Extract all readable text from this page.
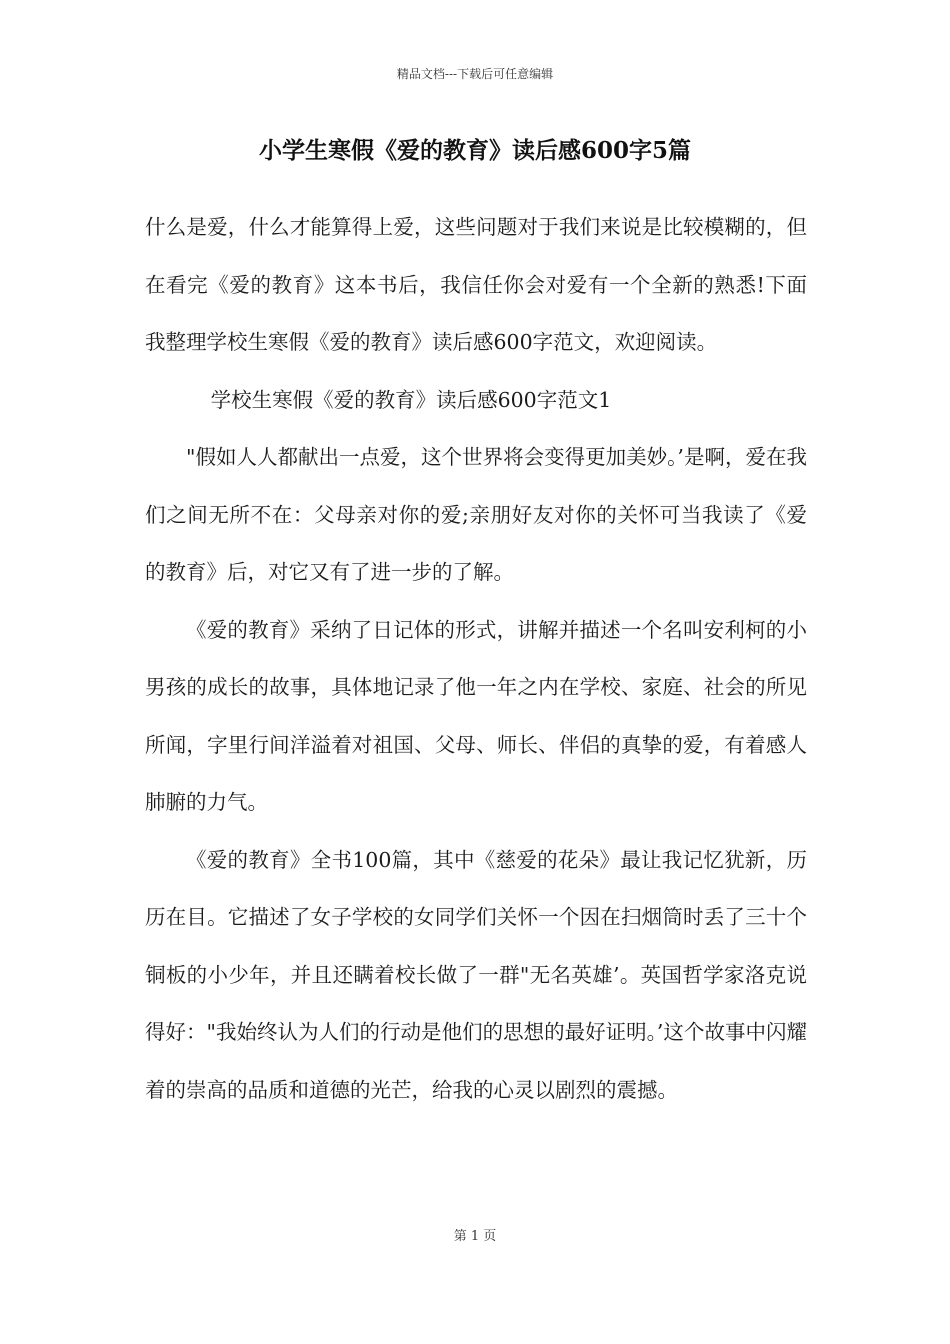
精品文档---下载后可任意编辑
小学生寒假《爱的教育》读后感600字5篇

什么是爱，什么才能算得上爱，这些问题对于我们来说是比较模糊的，但在看完《爱的教育》这本书后，我信任你会对爱有一个全新的熟悉!下面我整理学校生寒假《爱的教育》读后感600字范文，欢迎阅读。

学校生寒假《爱的教育》读后感600字范文1

"假如人人都献出一点爱，这个世界将会变得更加美妙。’是啊，爱在我们之间无所不在：父母亲对你的爱;亲朋好友对你的关怀可当我读了《爱的教育》后，对它又有了进一步的了解。

《爱的教育》采纳了日记体的形式，讲解并描述一个名叫安利柯的小男孩的成长的故事，具体地记录了他一年之内在学校、家庭、社会的所见所闻，字里行间洋溢着对祖国、父母、师长、伴侣的真挚的爱，有着感人肺腑的力气。

《爱的教育》全书100篇，其中《慈爱的花朵》最让我记忆犹新，历历在目。它描述了女子学校的女同学们关怀一个因在扫烟筒时丢了三十个铜板的小少年，并且还瞒着校长做了一群"无名英雄’。英国哲学家洛克说得好："我始终认为人们的行动是他们的思想的最好证明。’这个故事中闪耀着的崇高的品质和道德的光芒，给我的心灵以剧烈的震撼。

第 1 页
